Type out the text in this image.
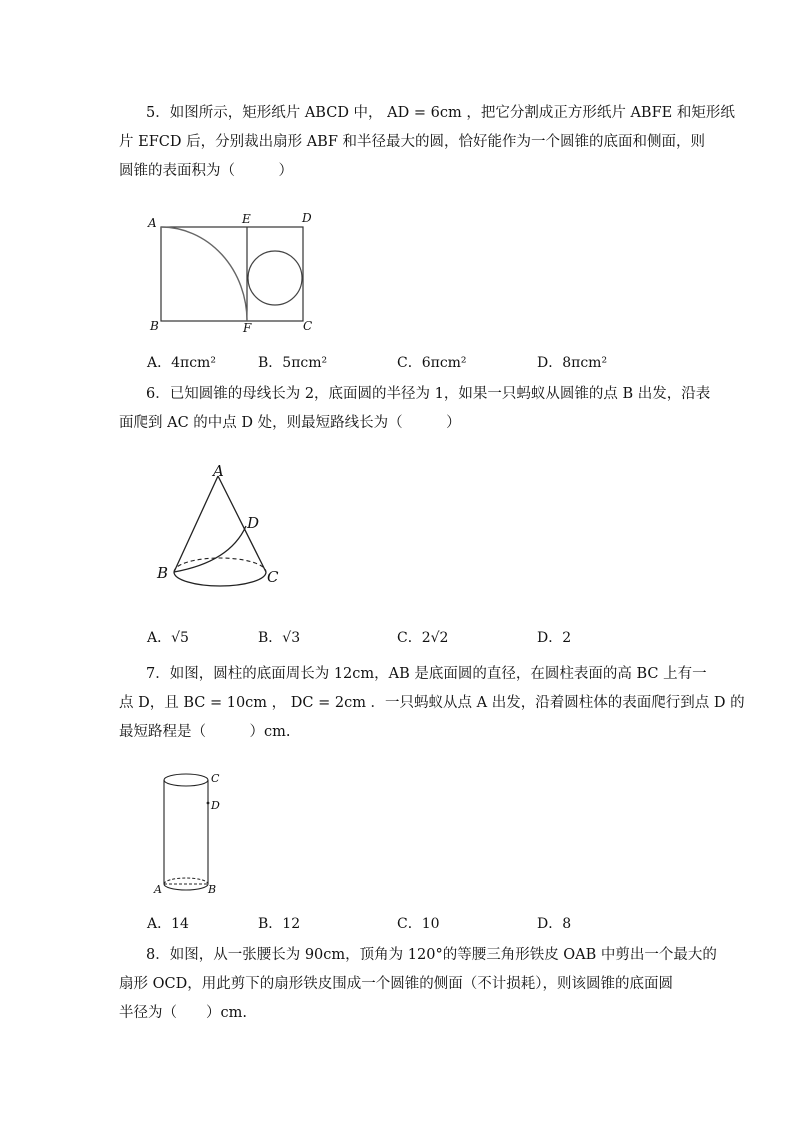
5．如图所示，矩形纸片 ABCD 中， AD = 6cm ，把它分割成正方形纸片 ABFE 和矩形纸
片 EFCD 后，分别裁出扇形 ABF 和半径最大的圆，恰好能作为一个圆锥的底面和侧面，则
圆锥的表面积为（　　　）
A	E	D
B	F	C
A．4πcm²	B．5πcm²	C．6πcm²	D．8πcm²
6．已知圆锥的母线长为 2，底面圆的半径为 1，如果一只蚂蚁从圆锥的点 B 出发，沿表
面爬到 AC 的中点 D 处，则最短路线长为（　　　）
A
D
B	C
A．√5	B．√3	C．2√2	D．2
7．如图，圆柱的底面周长为 12cm，AB 是底面圆的直径，在圆柱表面的高 BC 上有一
点 D，且 BC = 10cm ， DC = 2cm ．一只蚂蚁从点 A 出发，沿着圆柱体的表面爬行到点 D 的
最短路程是（　　　）cm.
C
D
A	B
A．14	B．12	C．10	D．8
8．如图，从一张腰长为 90cm，顶角为 120°的等腰三角形铁皮 OAB 中剪出一个最大的
扇形 OCD，用此剪下的扇形铁皮围成一个圆锥的侧面（不计损耗），则该圆锥的底面圆
半径为（　　）cm.
